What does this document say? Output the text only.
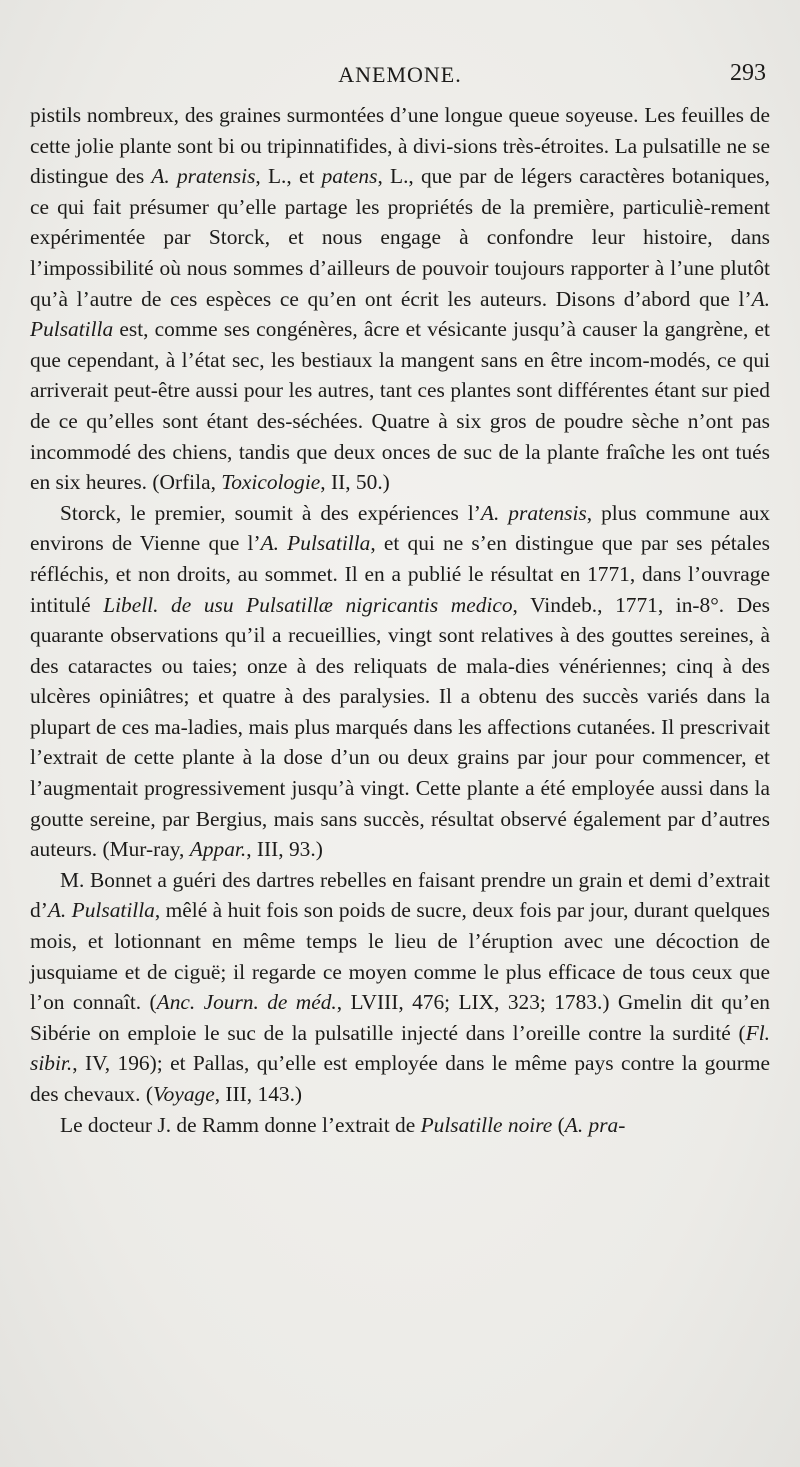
ANEMONE.	293

pistils nombreux, des graines surmontées d’une longue queue soyeuse. Les feuilles de cette jolie plante sont bi ou tripinnatifides, à divi-sions très-étroites. La pulsatille ne se distingue des A. pratensis, L., et patens, L., que par de légers caractères botaniques, ce qui fait présumer qu’elle partage les propriétés de la première, particuliè-rement expérimentée par Storck, et nous engage à confondre leur histoire, dans l’impossibilité où nous sommes d’ailleurs de pouvoir toujours rapporter à l’une plutôt qu’à l’autre de ces espèces ce qu’en ont écrit les auteurs. Disons d’abord que l’A. Pulsatilla est, comme ses congénères, âcre et vésicante jusqu’à causer la gangrène, et que cependant, à l’état sec, les bestiaux la mangent sans en être incom-modés, ce qui arriverait peut-être aussi pour les autres, tant ces plantes sont différentes étant sur pied de ce qu’elles sont étant des-séchées. Quatre à six gros de poudre sèche n’ont pas incommodé des chiens, tandis que deux onces de suc de la plante fraîche les ont tués en six heures. (Orfila, Toxicologie, II, 50.)

Storck, le premier, soumit à des expériences l’A. pratensis, plus commune aux environs de Vienne que l’A. Pulsatilla, et qui ne s’en distingue que par ses pétales réfléchis, et non droits, au sommet. Il en a publié le résultat en 1771, dans l’ouvrage intitulé Libell. de usu Pulsatillæ nigricantis medico, Vindeb., 1771, in-8°. Des quarante observations qu’il a recueillies, vingt sont relatives à des gouttes sereines, à des cataractes ou taies; onze à des reliquats de mala-dies vénériennes; cinq à des ulcères opiniâtres; et quatre à des paralysies. Il a obtenu des succès variés dans la plupart de ces ma-ladies, mais plus marqués dans les affections cutanées. Il prescrivait l’extrait de cette plante à la dose d’un ou deux grains par jour pour commencer, et l’augmentait progressivement jusqu’à vingt. Cette plante a été employée aussi dans la goutte sereine, par Bergius, mais sans succès, résultat observé également par d’autres auteurs. (Mur-ray, Appar., III, 93.)

M. Bonnet a guéri des dartres rebelles en faisant prendre un grain et demi d’extrait d’A. Pulsatilla, mêlé à huit fois son poids de sucre, deux fois par jour, durant quelques mois, et lotionnant en même temps le lieu de l’éruption avec une décoction de jusquiame et de ciguë; il regarde ce moyen comme le plus efficace de tous ceux que l’on connaît. (Anc. Journ. de méd., LVIII, 476; LIX, 323; 1783.) Gmelin dit qu’en Sibérie on emploie le suc de la pulsatille injecté dans l’oreille contre la surdité (Fl. sibir., IV, 196); et Pallas, qu’elle est employée dans le même pays contre la gourme des chevaux. (Voyage, III, 143.)

Le docteur J. de Ramm donne l’extrait de Pulsatille noire (A. pra-
